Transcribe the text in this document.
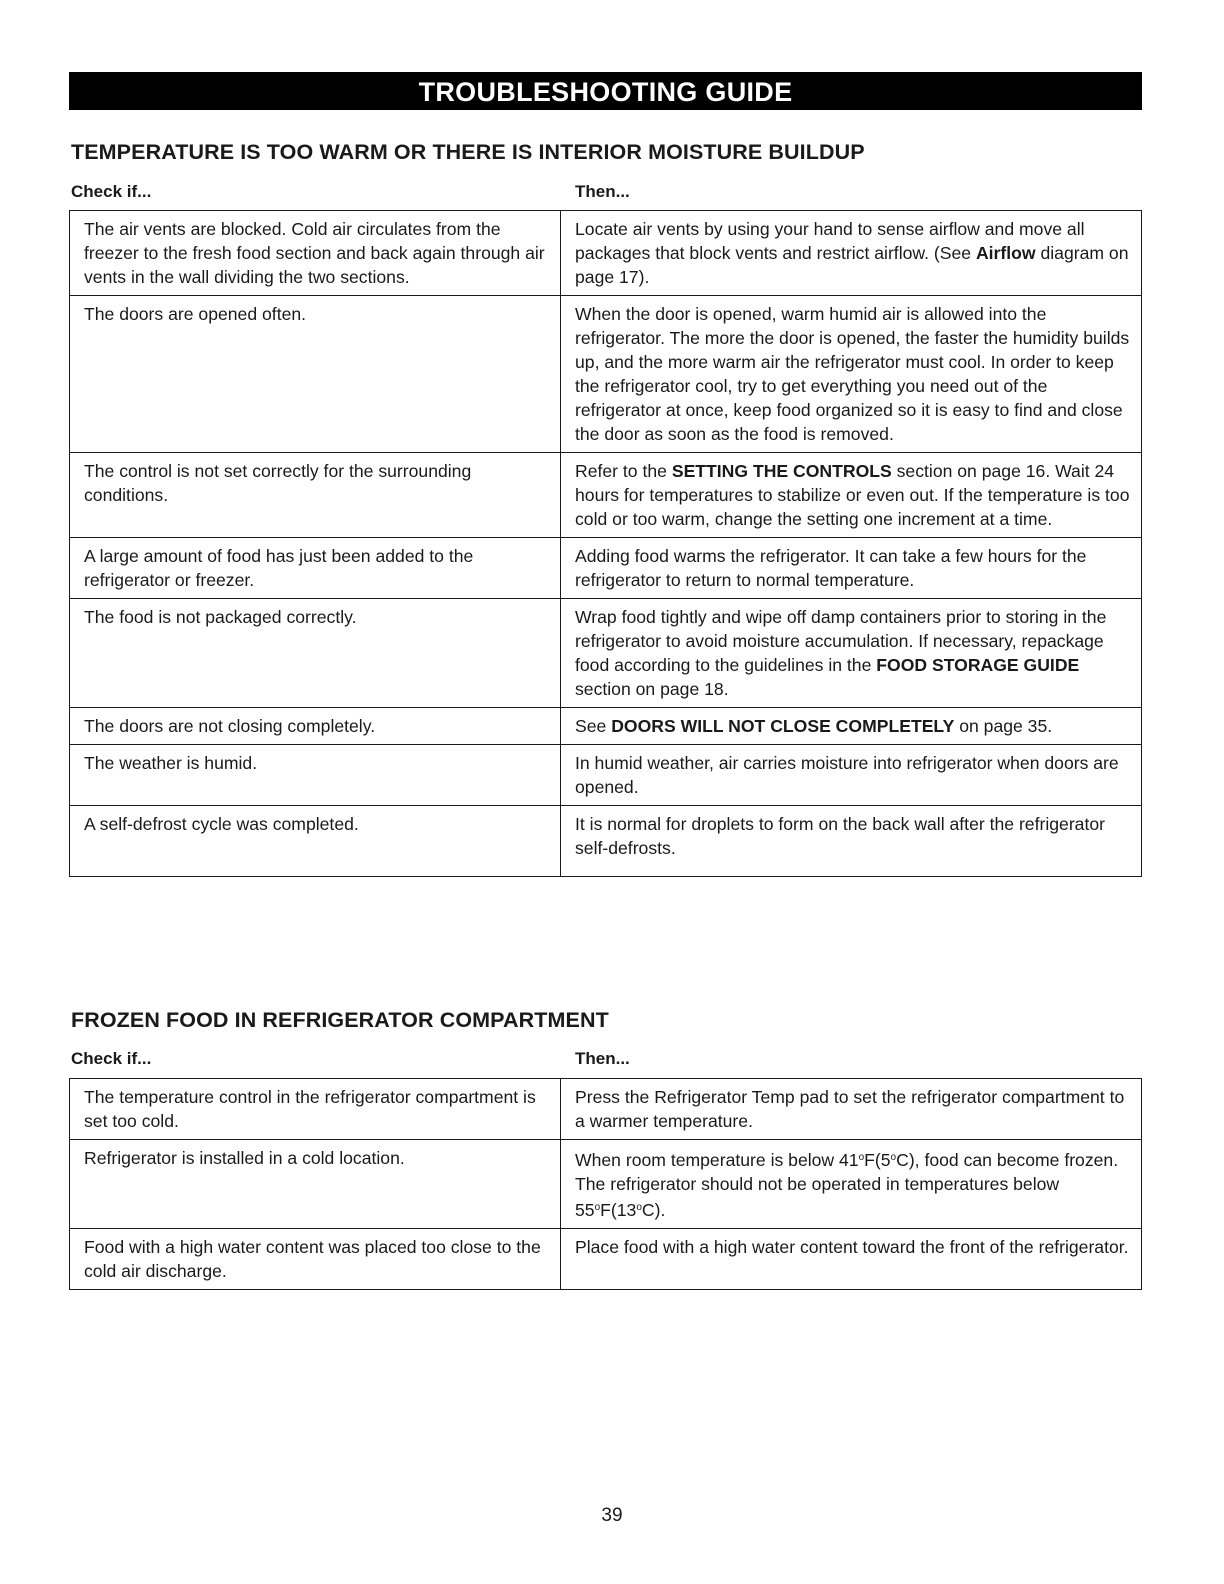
TROUBLESHOOTING GUIDE
TEMPERATURE IS TOO WARM OR THERE IS INTERIOR MOISTURE BUILDUP
Check if...	Then...
The air vents are blocked. Cold air circulates from the freezer to the fresh food section and back again through air vents in the wall dividing the two sections.	Locate air vents by using your hand to sense airflow and move all packages that block vents and restrict airflow. (See Airflow diagram on page 17).
The doors are opened often.	When the door is opened, warm humid air is allowed into the refrigerator. The more the door is opened, the faster the humidity builds up, and the more warm air the refrigerator must cool. In order to keep the refrigerator cool, try to get everything you need out of the refrigerator at once, keep food organized so it is easy to find and close the door as soon as the food is removed.
The control is not set correctly for the surrounding conditions.	Refer to the SETTING THE CONTROLS section on page 16. Wait 24 hours for temperatures to stabilize or even out. If the temperature is too cold or too warm, change the setting one increment at a time.
A large amount of food has just been added to the refrigerator or freezer.	Adding food warms the refrigerator. It can take a few hours for the refrigerator to return to normal temperature.
The food is not packaged correctly.	Wrap food tightly and wipe off damp containers prior to storing in the refrigerator to avoid moisture accumulation. If necessary, repackage food according to the guidelines in the FOOD STORAGE GUIDE section on page 18.
The doors are not closing completely.	See DOORS WILL NOT CLOSE COMPLETELY on page 35.
The weather is humid.	In humid weather, air carries moisture into refrigerator when doors are opened.
A self-defrost cycle was completed.	It is normal for droplets to form on the back wall after the refrigerator self-defrosts.
FROZEN FOOD IN REFRIGERATOR COMPARTMENT
Check if...	Then...
The temperature control in the refrigerator compartment is set too cold.	Press the Refrigerator Temp pad to set the refrigerator compartment to a warmer temperature.
Refrigerator is installed in a cold location.	When room temperature is below 41$^o$F(5$^o$C), food can become frozen. The refrigerator should not be operated in temperatures below 55$^o$F(13$^o$C).
Food with a high water content was placed too close to the cold air discharge.	Place food with a high water content toward the front of the refrigerator.
39
